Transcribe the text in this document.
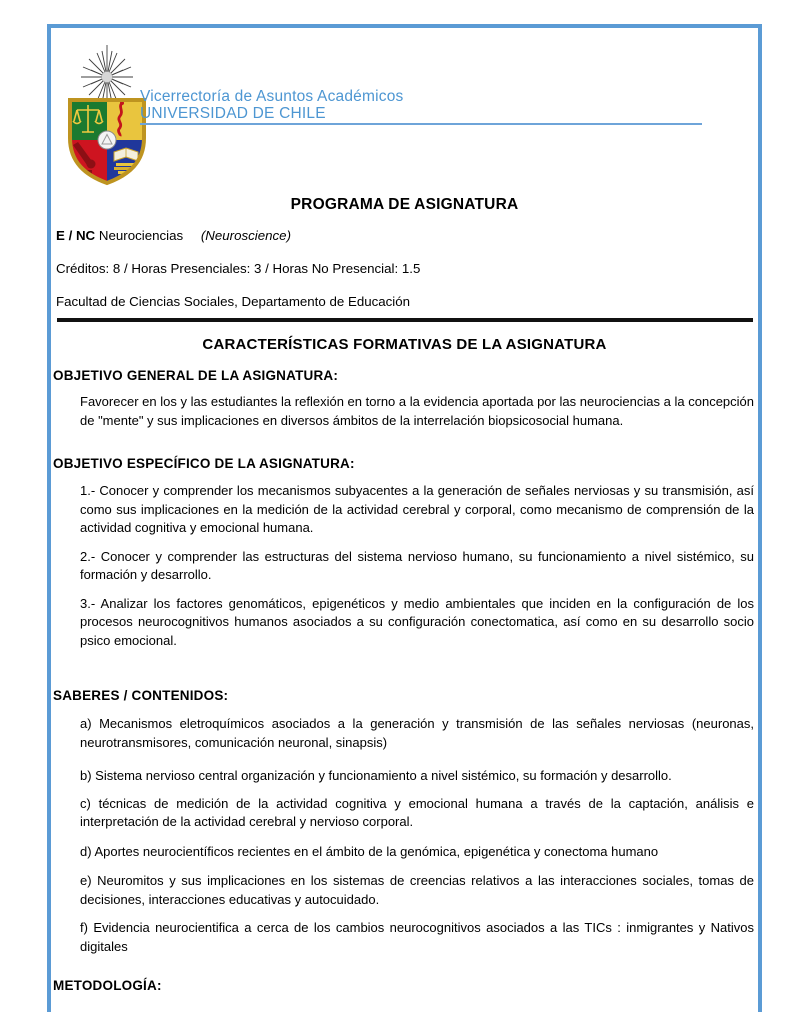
Vicerrectoría de Asuntos Académicos
UNIVERSIDAD DE CHILE
PROGRAMA DE ASIGNATURA

E / NC Neurociencias (Neuroscience)

Créditos: 8 / Horas Presenciales: 3 / Horas No Presencial: 1.5

Facultad de Ciencias Sociales, Departamento de Educación

CARACTERÍSTICAS FORMATIVAS DE LA ASIGNATURA
OBJETIVO GENERAL DE LA ASIGNATURA:

Favorecer en los y las estudiantes la reflexión en torno a la evidencia aportada por las neurociencias a la concepción de "mente" y sus implicaciones en diversos ámbitos de la interrelación biopsicosocial humana.

OBJETIVO ESPECÍFICO DE LA ASIGNATURA:

1.- Conocer y comprender los mecanismos subyacentes a la generación de señales nerviosas y su transmisión, así como sus implicaciones en la medición de la actividad cerebral y corporal, como mecanismo de comprensión de la actividad cognitiva y emocional humana.

2.- Conocer y comprender las estructuras del sistema nervioso humano, su funcionamiento a nivel sistémico, su formación y desarrollo.

3.- Analizar los factores genomáticos, epigenéticos y medio ambientales que inciden en la configuración de los procesos neurocognitivos humanos asociados a su configuración conectomatica, así como en su desarrollo socio psico emocional.

SABERES / CONTENIDOS:

a) Mecanismos eletroquímicos asociados a la generación y transmisión de las señales nerviosas (neuronas, neurotransmisores, comunicación neuronal, sinapsis)

b) Sistema nervioso central organización y funcionamiento a nivel sistémico, su formación y desarrollo.

c) técnicas de medición de la actividad cognitiva y emocional humana a través de la captación, análisis e interpretación de la actividad cerebral y nervioso corporal.

d) Aportes neurocientíficos recientes en el ámbito de la genómica, epigenética y conectoma humano

e) Neuromitos y sus implicaciones en los sistemas de creencias relativos a las interacciones sociales, tomas de decisiones, interacciones educativas y autocuidado.

f) Evidencia neurocientifica a cerca de los cambios neurocognitivos asociados a las TICs : inmigrantes y Nativos digitales

METODOLOGÍA:
